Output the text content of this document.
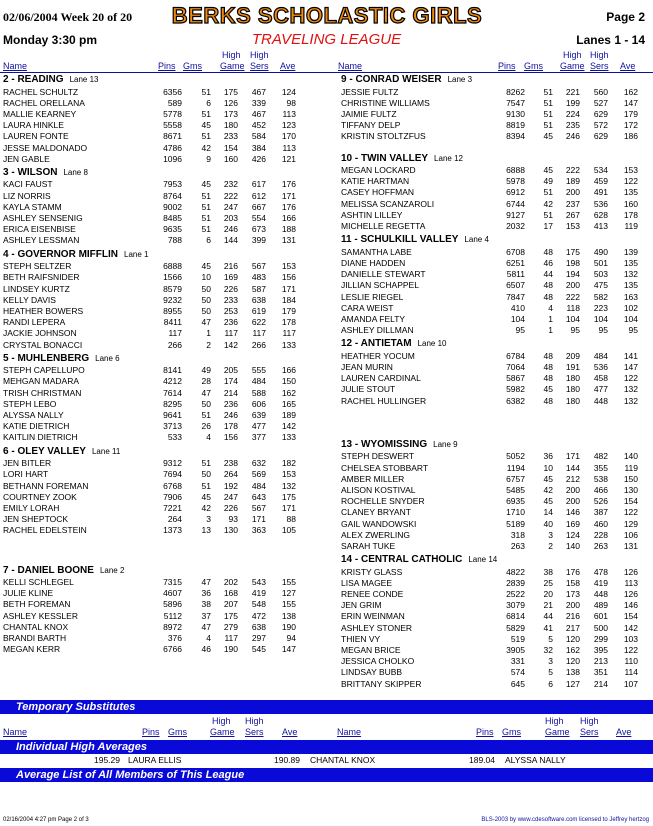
02/06/2004 Week 20 of 20 BERKS SCHOLASTIC GIRLS	Page 2
Monday 3:30 pm	TRAVELING LEAGUE	Lanes 1 - 14
High High
Name	Pins Gms Game Sers Ave
High High
Name	Pins Gms Game Sers Ave
2 - READING Lane 13
RACHEL SCHULTZ	6356	51	175	467	124
RACHEL ORELLANA	589	6	126	339	98
MALLIE KEARNEY	5778	51	173	467	113
LAURA HINKLE	5558	45	180	452	123
LAUREN FONTE	8671	51	233	584	170
JESSE MALDONADO	4786	42	154	384	113
JEN GABLE	1096	9	160	426	121
3 - WILSON Lane 8
KACI FAUST	7953	45	232	617	176
LIZ NORRIS	8764	51	222	612	171
KAYLA STAMM	9002	51	247	667	176
ASHLEY SENSENIG	8485	51	203	554	166
ERICA EISENBISE	9635	51	246	673	188
ASHLEY LESSMAN	788	6	144	399	131
4 - GOVERNOR MIFFLIN Lane 1
STEPH SELTZER	6888	45	216	567	153
BETH RAIFSNIDER	1566	10	169	483	156
LINDSEY KURTZ	8579	50	226	587	171
KELLY DAVIS	9232	50	233	638	184
HEATHER BOWERS	8955	50	253	619	179
RANDI LEPERA	8411	47	236	622	178
JACKIE JOHNSON	117	1	117	117	117
CRYSTAL BONACCI	266	2	142	266	133
5 - MUHLENBERG Lane 6
STEPH CAPELLUPO	8141	49	205	555	166
MEHGAN MADARA	4212	28	174	484	150
TRISH CHRISTMAN	7614	47	214	588	162
STEPH LEBO	8295	50	236	606	165
ALYSSA NALLY	9641	51	246	639	189
KATIE DIETRICH	3713	26	178	477	142
KAITLIN DIETRICH	533	4	156	377	133
6 - OLEY VALLEY Lane 11
JEN BITLER	9312	51	238	632	182
LORI HART	7694	50	264	569	153
BETHANN FOREMAN	6768	51	192	484	132
COURTNEY ZOOK	7906	45	247	643	175
EMILY LORAH	7221	42	226	567	171
JEN SHEPTOCK	264	3	93	171	88
RACHEL EDELSTEIN	1373	13	130	363	105
7 - DANIEL BOONE Lane 2
KELLI SCHLEGEL	7315	47	202	543	155
JULIE KLINE	4607	36	168	419	127
BETH FOREMAN	5896	38	207	548	155
ASHLEY KESSLER	5112	37	175	472	138
CHANTAL KNOX	8972	47	279	638	190
BRANDI BARTH	376	4	117	297	94
MEGAN KERR	6766	46	190	545	147
9 - CONRAD WEISER Lane 3
JESSIE FULTZ	8262	51	221	560	162
CHRISTINE WILLIAMS	7547	51	199	527	147
JAIMIE FULTZ	9130	51	224	629	179
TIFFANY DELP	8819	51	235	572	172
KRISTIN STOLTZFUS	8394	45	246	629	186
10 - TWIN VALLEY Lane 12
MEGAN LOCKARD	6888	45	222	534	153
KATIE HARTMAN	5978	49	189	459	122
CASEY HOFFMAN	6912	51	200	491	135
MELISSA SCANZAROLI	6744	42	237	536	160
ASHTIN LILLEY	9127	51	267	628	178
MICHELLE REGETTA	2032	17	153	413	119
11 - SCHULKILL VALLEY Lane 4
SAMANTHA LABE	6708	48	175	490	139
DIANE HADDEN	6251	46	198	501	135
DANIELLE STEWART	5811	44	194	503	132
JILLIAN SCHAPPEL	6507	48	200	475	135
LESLIE RIEGEL	7847	48	222	582	163
CARA WEIST	410	4	118	223	102
AMANDA FELTY	104	1	104	104	104
ASHLEY DILLMAN	95	1	95	95	95
12 - ANTIETAM Lane 10
HEATHER YOCUM	6784	48	209	484	141
JEAN MURIN	7064	48	191	536	147
LAUREN CARDINAL	5867	48	180	458	122
JULIE STOUT	5982	45	180	477	132
RACHEL HULLINGER	6382	48	180	448	132
13 - WYOMISSING Lane 9
STEPH DESWERT	5052	36	171	482	140
CHELSEA STOBBART	1194	10	144	355	119
AMBER MILLER	6757	45	212	538	150
ALISON KOSTIVAL	5485	42	200	466	130
ROCHELLE SNYDER	6935	45	200	526	154
CLANEY BRYANT	1710	14	146	387	122
GAIL WANDOWSKI	5189	40	169	460	129
ALEX ZWERLING	318	3	124	228	106
SARAH TUKE	263	2	140	263	131
14 - CENTRAL CATHOLIC Lane 14
KRISTY GLASS	4822	38	176	478	126
LISA MAGEE	2839	25	158	419	113
RENEE CONDE	2522	20	173	448	126
JEN GRIM	3079	21	200	489	146
ERIN WEINMAN	6814	44	216	601	154
ASHLEY STONER	5829	41	217	500	142
THIEN VY	519	5	120	299	103
MEGAN BRICE	3905	32	162	395	122
JESSICA CHOLKO	331	3	120	213	110
LINDSAY BUBB	574	5	138	351	114
BRITTANY SKIPPER	645	6	127	214	107
Temporary Substitutes
High High
Name	Pins Gms	Game Sers Ave
High High
Name	Pins Gms	Game Sers Ave
Individual High Averages
195.29 LAURA ELLIS	190.89 CHANTAL KNOX	189.04 ALYSSA NALLY
Average List of All Members of This League
02/16/2004 4:27 pm Page 2 of 3	BLS-2003 by www.cdesoftware.com licensed to Jeffrey hertzog
